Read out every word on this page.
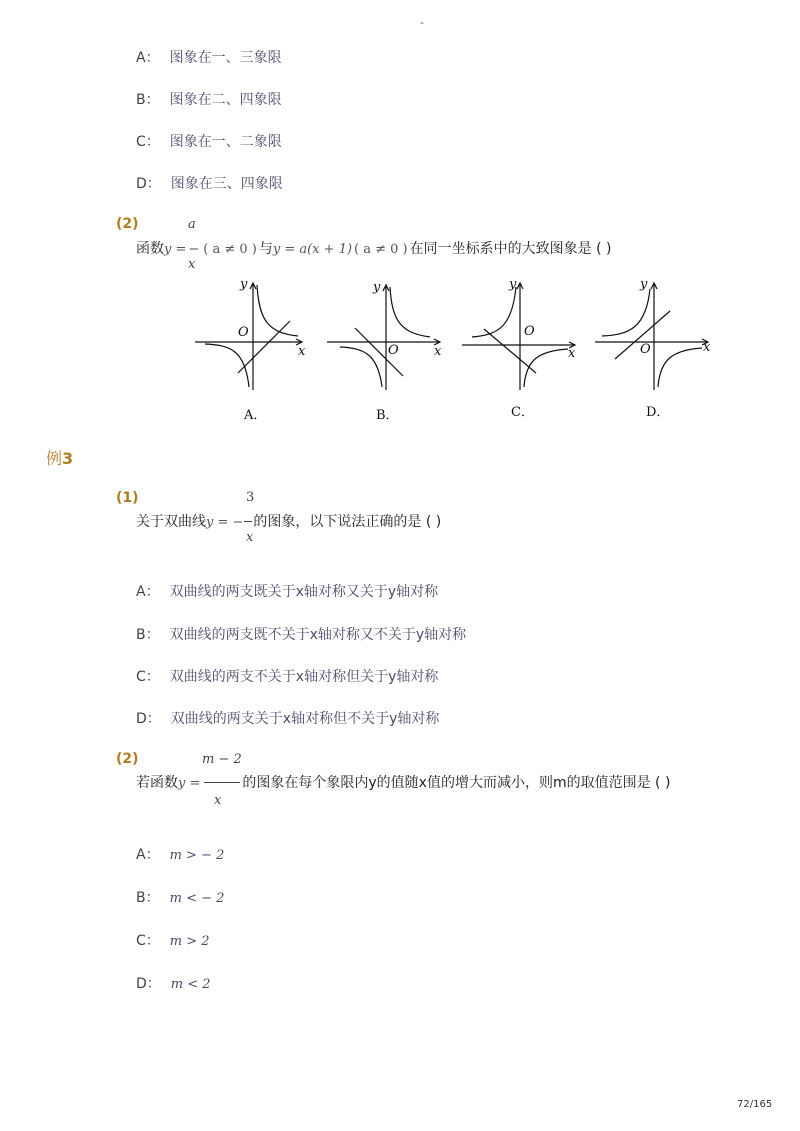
-
A： 图象在一、三象限
B： 图象在二、四象限
C： 图象在一、二象限
D： 图象在三、四象限
(2)	a
x
函数y = − ( a ≠ 0 ) 与y = a(x + 1) ( a ≠ 0 ) 在同一坐标系中的大致图象是 ( )
y
x
O
y
x
O
y
x
O
y
x
O
A．	B．	C．	D．
例3
(1)	3
x
关于双曲线y = − 的图象，以下说法正确的是 ( )
A： 双曲线的两支既关于x轴对称又关于y轴对称
B： 双曲线的两支既不关于x轴对称又不关于y轴对称
C： 双曲线的两支不关于x轴对称但关于y轴对称
D： 双曲线的两支关于x轴对称但不关于y轴对称
(2)	m − 2
x
若函数y =	的图象在每个象限内y的值随x值的增大而减小，则m的取值范围是 ( )
A： m > − 2
B： m < − 2
C： m > 2
D： m < 2
72/165
